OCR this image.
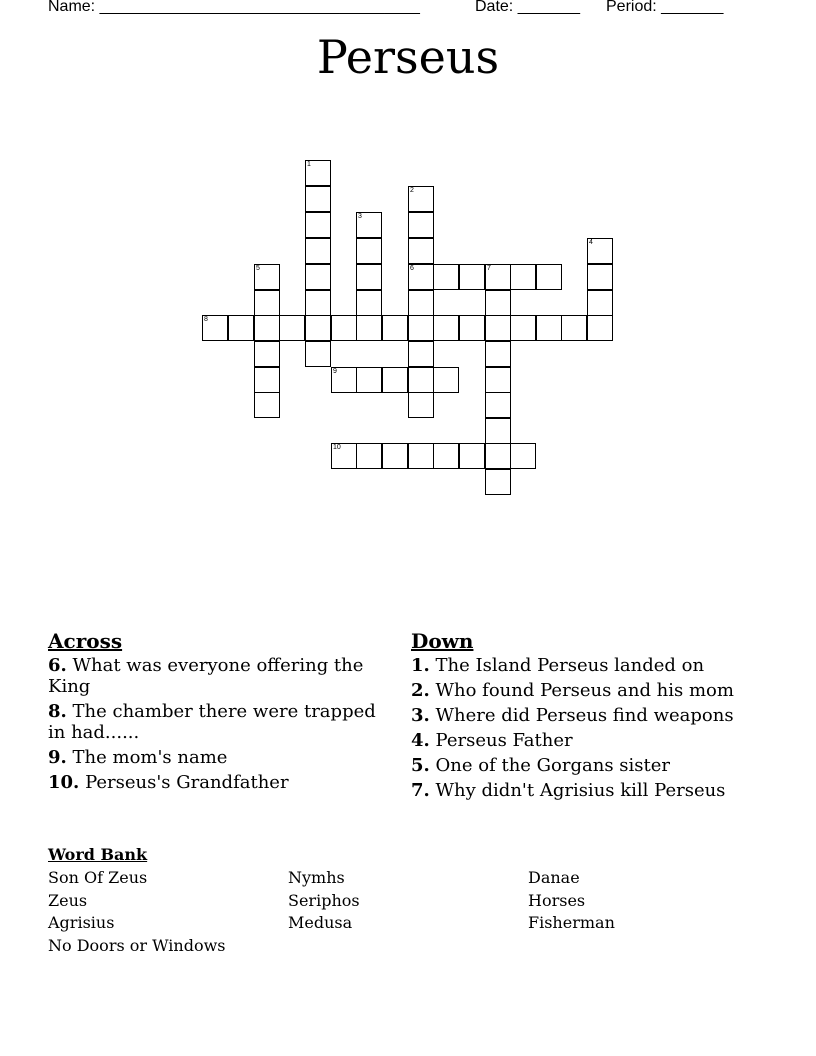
Name: ____________________________________	Date: _______ Period: _______
Perseus
1
2
3
4
5	6	7
8
9
10
Across
6. What was everyone offering the King
8. The chamber there were trapped in had......
9. The mom's name
10. Perseus's Grandfather
Down
1. The Island Perseus landed on
2. Who found Perseus and his mom
3. Where did Perseus find weapons
4. Perseus Father
5. One of the Gorgans sister
7. Why didn't Agrisius kill Perseus
Word Bank
Son Of Zeus	Nymhs	Danae
Zeus	Seriphos	Horses
Agrisius	Medusa	Fisherman
No Doors or Windows
